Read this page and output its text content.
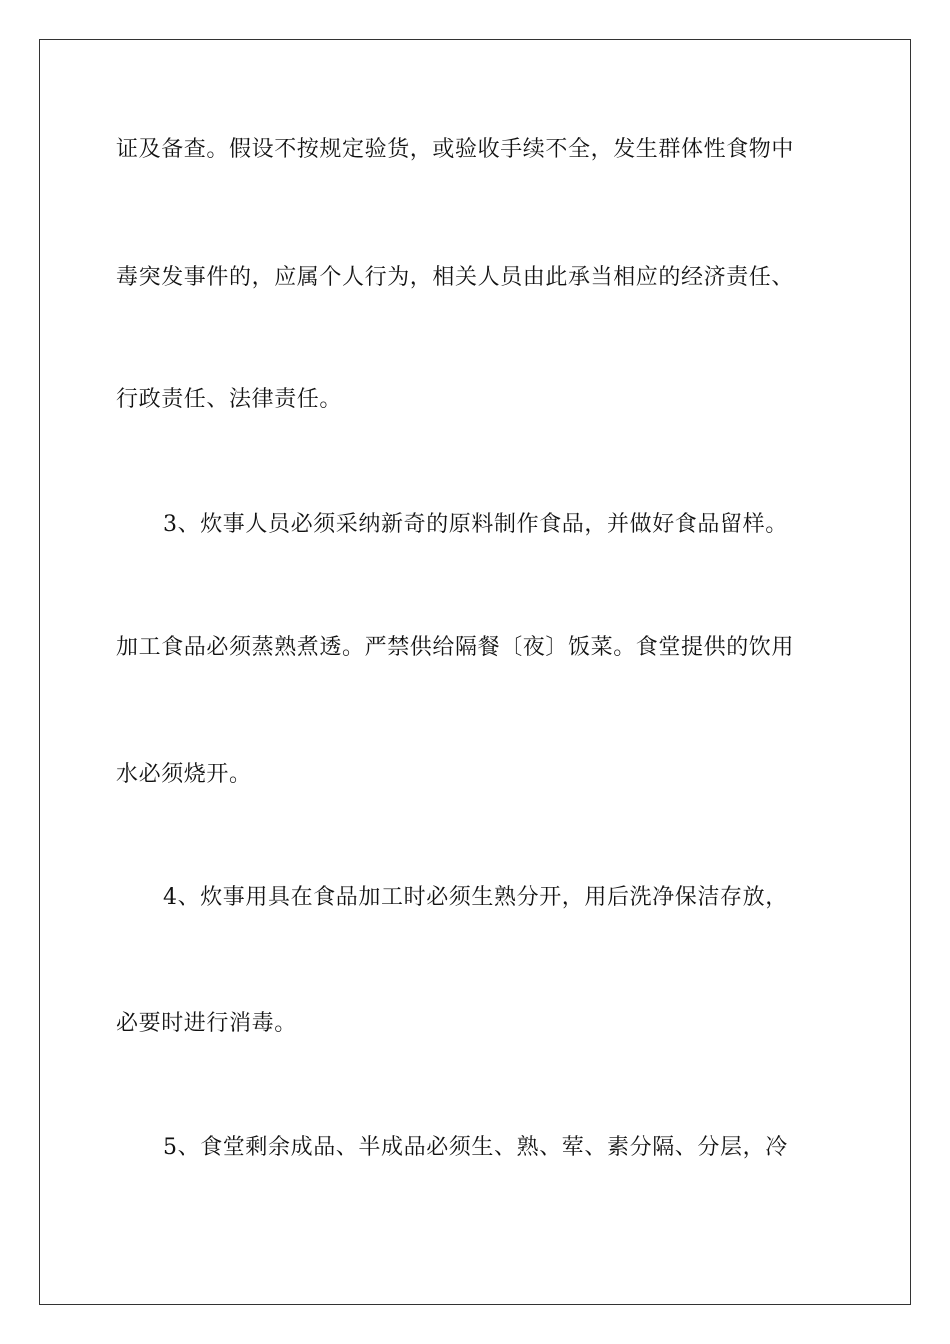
证及备查。假设不按规定验货，或验收手续不全，发生群体性食物中
毒突发事件的，应属个人行为，相关人员由此承当相应的经济责任、
行政责任、法律责任。
3、炊事人员必须采纳新奇的原料制作食品，并做好食品留样。
加工食品必须蒸熟煮透。严禁供给隔餐〔夜〕饭菜。食堂提供的饮用
水必须烧开。
4、炊事用具在食品加工时必须生熟分开，用后洗净保洁存放，
必要时进行消毒。
5、食堂剩余成品、半成品必须生、熟、荤、素分隔、分层，冷
